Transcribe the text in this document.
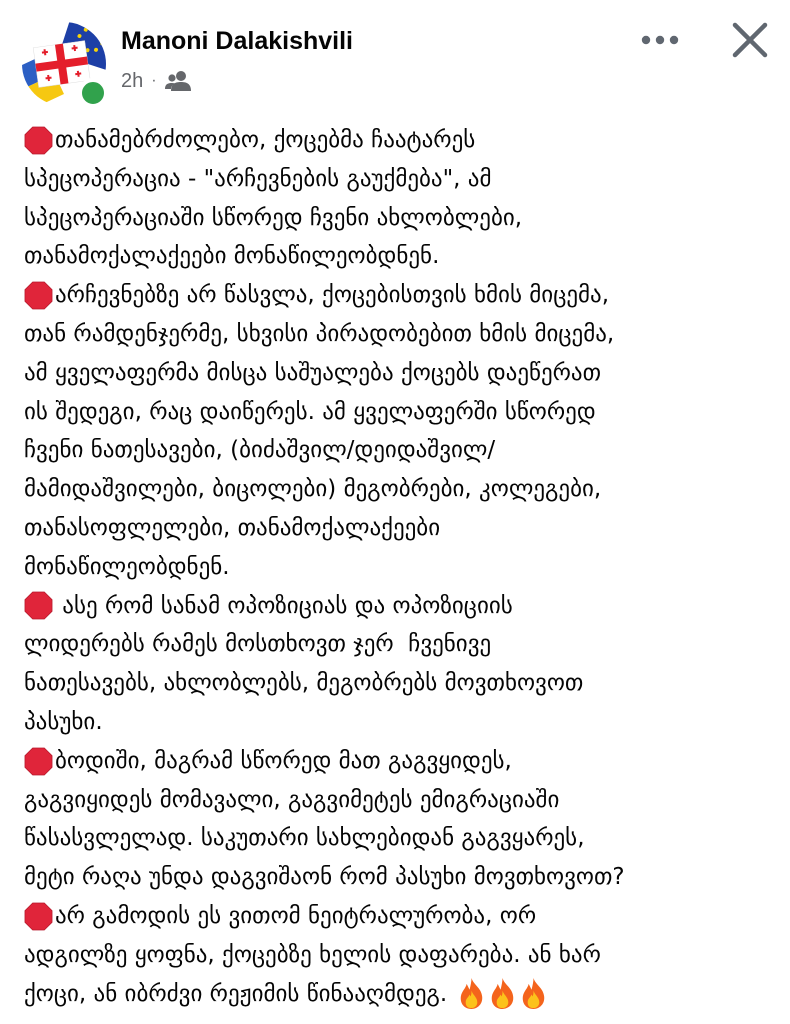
Manoni Dalakishvili
2h ·
თანამებრძოლებო, ქოცებმა ჩაატარეს
სპეცოპერაცია - "არჩევნების გაუქმება", ამ
სპეცოპერაციაში სწორედ ჩვენი ახლობლები,
თანამოქალაქეები მონაწილეობდნენ.
არჩევნებზე არ წასვლა, ქოცებისთვის ხმის მიცემა,
თან რამდენჯერმე, სხვისი პირადობებით ხმის მიცემა,
ამ ყველაფერმა მისცა საშუალება ქოცებს დაეწერათ
ის შედეგი, რაც დაიწერეს. ამ ყველაფერში სწორედ
ჩვენი ნათესავები, (ბიძაშვილ/დეიდაშვილ/
მამიდაშვილები, ბიცოლები) მეგობრები, კოლეგები,
თანასოფლელები, თანამოქალაქეები
მონაწილეობდნენ.
ასე რომ სანამ ოპოზიციას და ოპოზიციის
ლიდერებს რამეს მოსთხოვთ ჯერ  ჩვენივე
ნათესავებს, ახლობლებს, მეგობრებს მოვთხოვოთ
პასუხი.
ბოდიში, მაგრამ სწორედ მათ გაგვყიდეს,
გაგვიყიდეს მომავალი, გაგვიმეტეს ემიგრაციაში
წასასვლელად. საკუთარი სახლებიდან გაგვყარეს,
მეტი რაღა უნდა დაგვიშაონ რომ პასუხი მოვთხოვოთ?
არ გამოდის ეს ვითომ ნეიტრალურობა, ორ
ადგილზე ყოფნა, ქოცებზე ხელის დაფარება. ან ხარ
ქოცი, ან იბრძვი რეჟიმის წინააღმდეგ.
